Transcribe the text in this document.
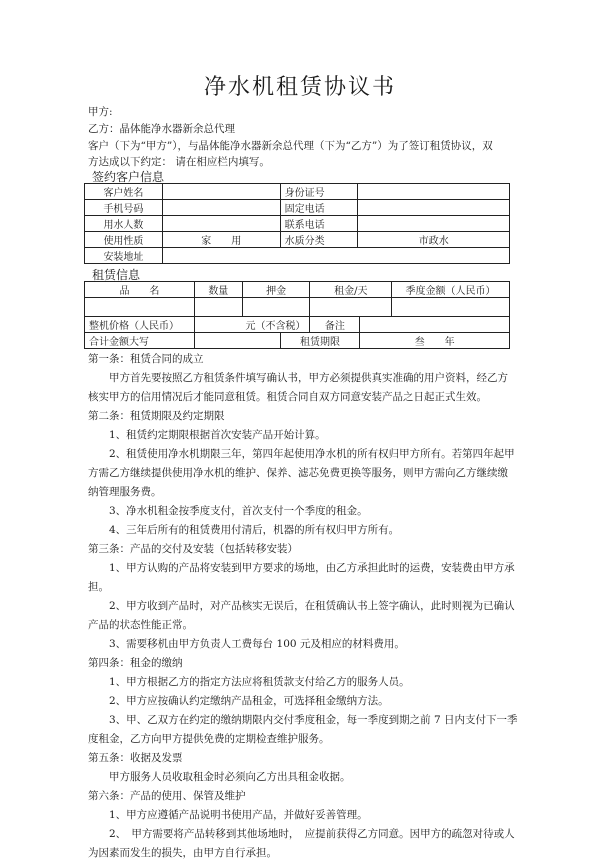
净水机租赁协议书
甲方:
乙方：晶体能净水器新余总代理
客户（下为“甲方”），与晶体能净水器新余总代理（下为“乙方”）为了签订租赁协议，双
方达成以下约定： 请在相应栏内填写。
签约客户信息
客户姓名		身份证号	
手机号码		固定电话	
用水人数		联系电话	
使用性质	家　　用	水质分类	市政水
安装地址			
租赁信息
品　　名	数量	押金		租金/天		季度金额（人民币）

整机价格（人民币）	元（不含税）			备注		
合计金额大写			租赁期限		叁　　年	

第一条：租赁合同的成立

甲方首先要按照乙方租赁条件填写确认书，甲方必须提供真实准确的用户资料，经乙方核实甲方的信用情况后才能同意租赁。租赁合同自双方同意安装产品之日起正式生效。

第二条：租赁期限及约定期限

1、租赁约定期限根据首次安装产品开始计算。

2、租赁使用净水机期限三年，第四年起使用净水机的所有权归甲方所有。若第四年起甲方需乙方继续提供使用净水机的维护、保养、滤芯免费更换等服务，则甲方需向乙方继续缴纳管理服务费。

3、净水机租金按季度支付，首次支付一个季度的租金。

4、三年后所有的租赁费用付清后，机器的所有权归甲方所有。

第三条：产品的交付及安装（包括转移安装）

1、甲方认购的产品将安装到甲方要求的场地，由乙方承担此时的运费，安装费由甲方承担。

2、甲方收到产品时，对产品核实无误后，在租赁确认书上签字确认，此时则视为已确认产品的状态性能正常。

3、需要移机由甲方负责人工费每台 100 元及相应的材料费用。

第四条：租金的缴纳

1、甲方根据乙方的指定方法应将租赁款支付给乙方的服务人员。

2、甲方应按确认约定缴纳产品租金，可选择租金缴纳方法。

3、甲、乙双方在约定的缴纳期限内交付季度租金，每一季度到期之前 7 日内支付下一季度租金，乙方向甲方提供免费的定期检查维护服务。

第五条：收据及发票

甲方服务人员收取租金时必须向乙方出具租金收据。

第六条：产品的使用、保管及维护

1、甲方应遵循产品说明书使用产品，并做好妥善管理。

2、　甲方需要将产品转移到其他场地时，　应提前获得乙方同意。因甲方的疏忽对待或人为因素而发生的损失，由甲方自行承担。
